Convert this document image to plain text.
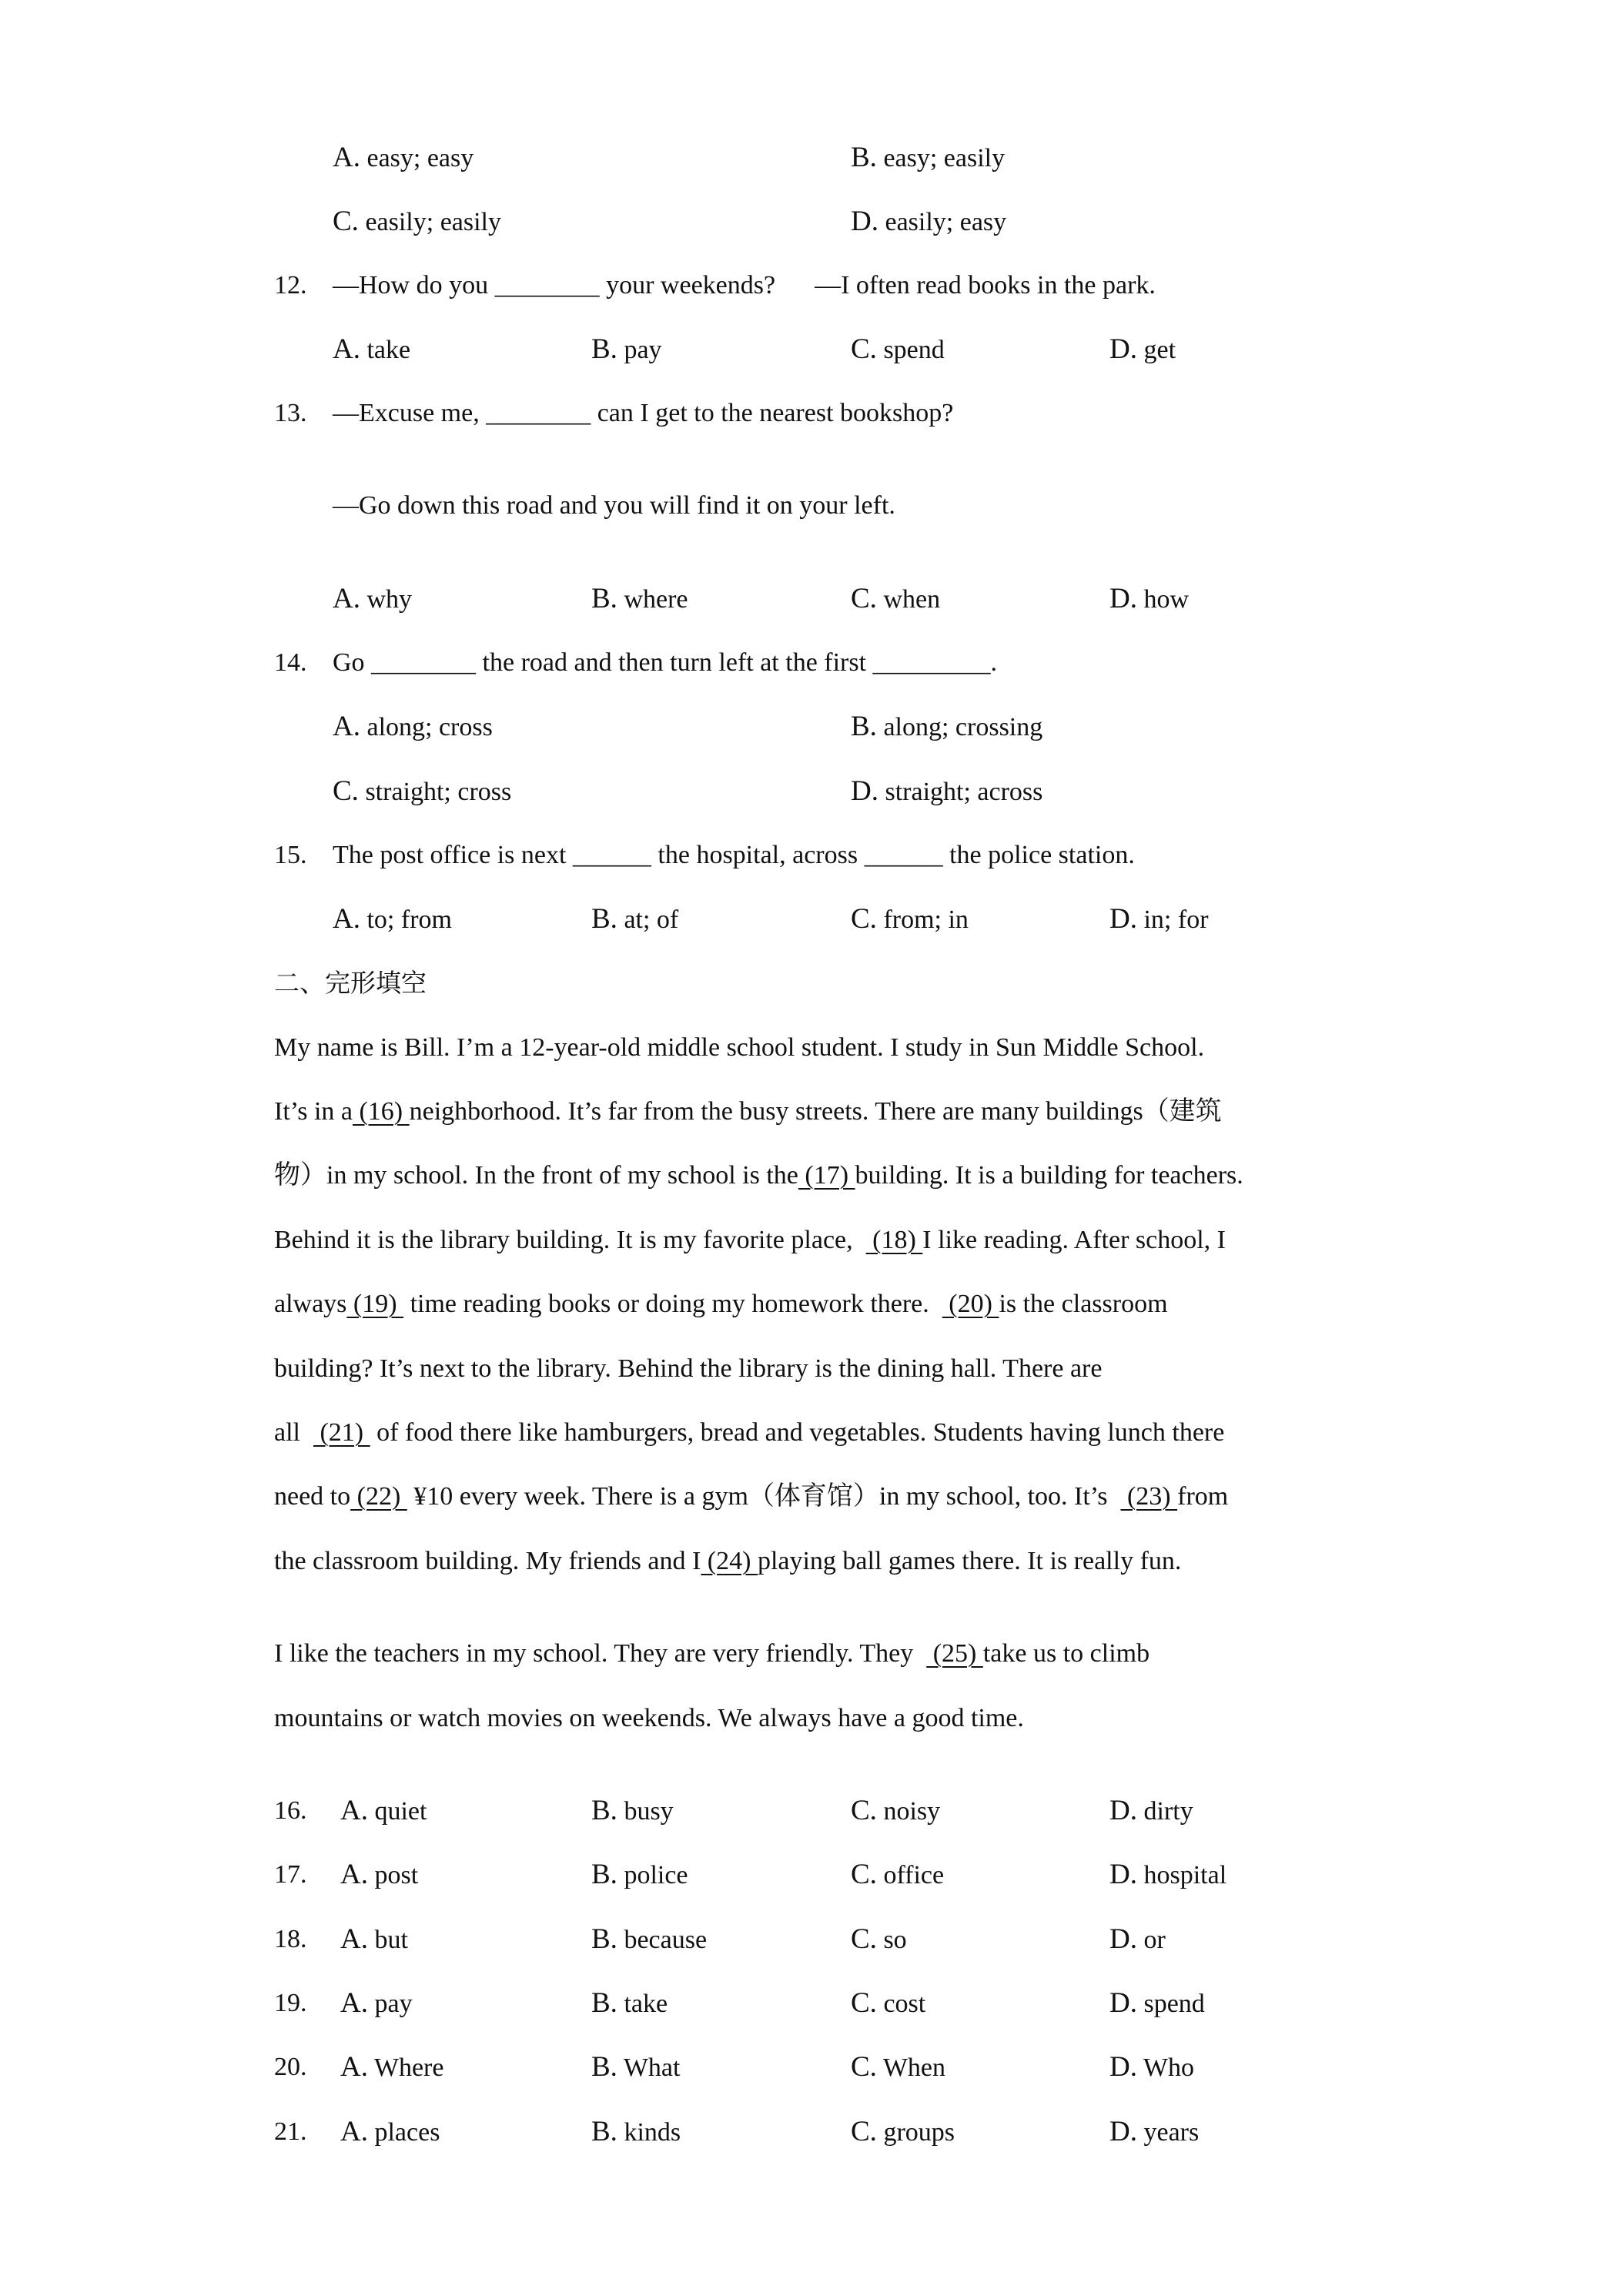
A. easy; easy	B. easy; easily
C. easily; easily	D. easily; easy
12. —How do you ________ your weekends?      —I often read books in the park.
A. take	B. pay	C. spend	D. get
13. —Excuse me, ________ can I get to the nearest bookshop?
—Go down this road and you will find it on your left.
A. why	B. where	C. when	D. how
14. Go ________ the road and then turn left at the first _________.
A. along; cross	B. along; crossing
C. straight; cross	D. straight; across
15. The post office is next ______ the hospital, across ______ the police station.
A. to; from	B. at; of	C. from; in	D. in; for
二、完形填空
My name is Bill. I’m a 12-year-old middle school student. I study in Sun Middle School.
It’s in a (16) neighborhood. It’s far from the busy streets. There are many buildings（建筑
物）in my school. In the front of my school is the (17) building. It is a building for teachers.
Behind it is the library building. It is my favorite place,   (18) I like reading. After school, I
always (19)  time reading books or doing my homework there.   (20) is the classroom
building? It’s next to the library. Behind the library is the dining hall. There are
all   (21)  of food there like hamburgers, bread and vegetables. Students having lunch there
need to (22)  ¥10 every week. There is a gym（体育馆）in my school, too. It’s   (23) from
the classroom building. My friends and I (24) playing ball games there. It is really fun.
I like the teachers in my school. They are very friendly. They   (25) take us to climb
mountains or watch movies on weekends. We always have a good time.
16. A. quiet	B. busy	C. noisy	D. dirty
17. A. post	B. police	C. office	D. hospital
18. A. but	B. because	C. so	D. or
19. A. pay	B. take	C. cost	D. spend
20. A. Where	B. What	C. When	D. Who
21. A. places	B. kinds	C. groups	D. years
